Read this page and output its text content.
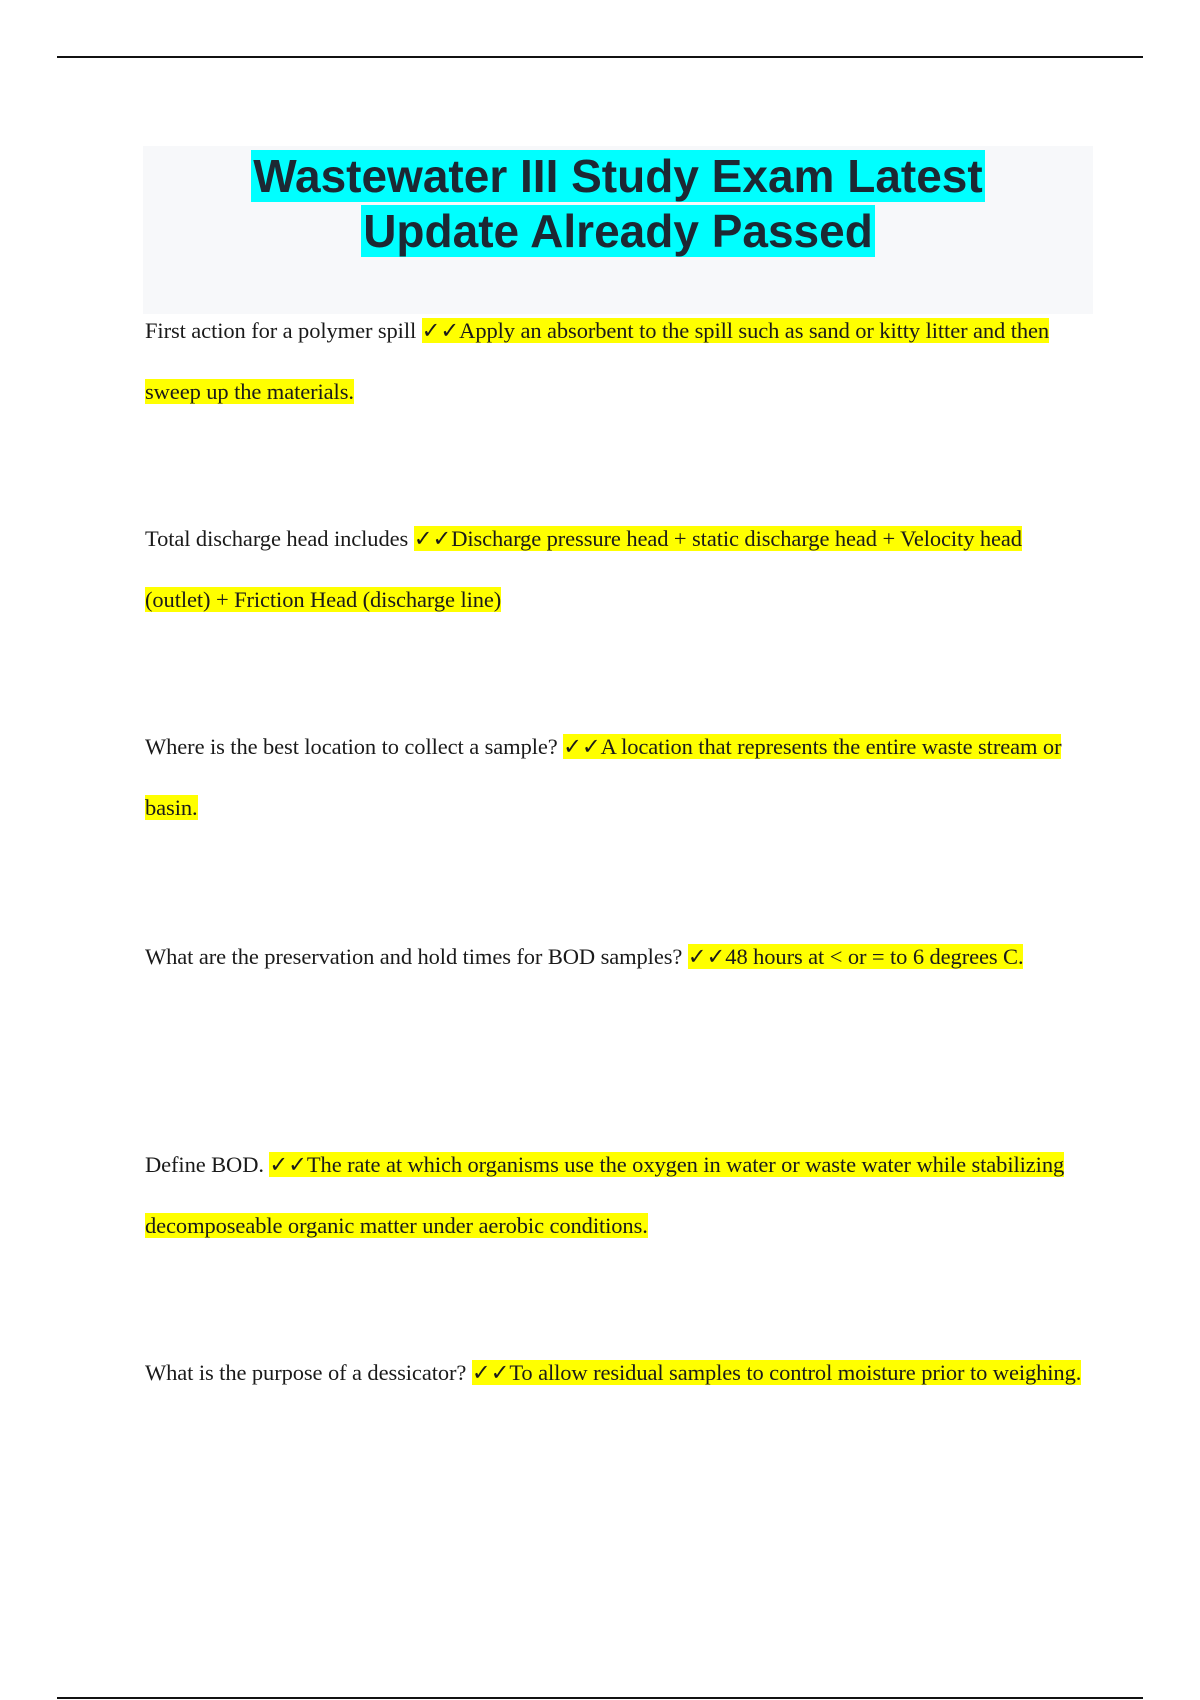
Wastewater III Study Exam Latest
Update Already Passed

First action for a polymer spill ✓✓Apply an absorbent to the spill such as sand or kitty litter and then sweep up the materials.

Total discharge head includes ✓✓Discharge pressure head + static discharge head + Velocity head (outlet) + Friction Head (discharge line)

Where is the best location to collect a sample? ✓✓A location that represents the entire waste stream or basin.

What are the preservation and hold times for BOD samples? ✓✓48 hours at < or = to 6 degrees C.

Define BOD. ✓✓The rate at which organisms use the oxygen in water or waste water while stabilizing decomposeable organic matter under aerobic conditions.

What is the purpose of a dessicator? ✓✓To allow residual samples to control moisture prior to weighing.
